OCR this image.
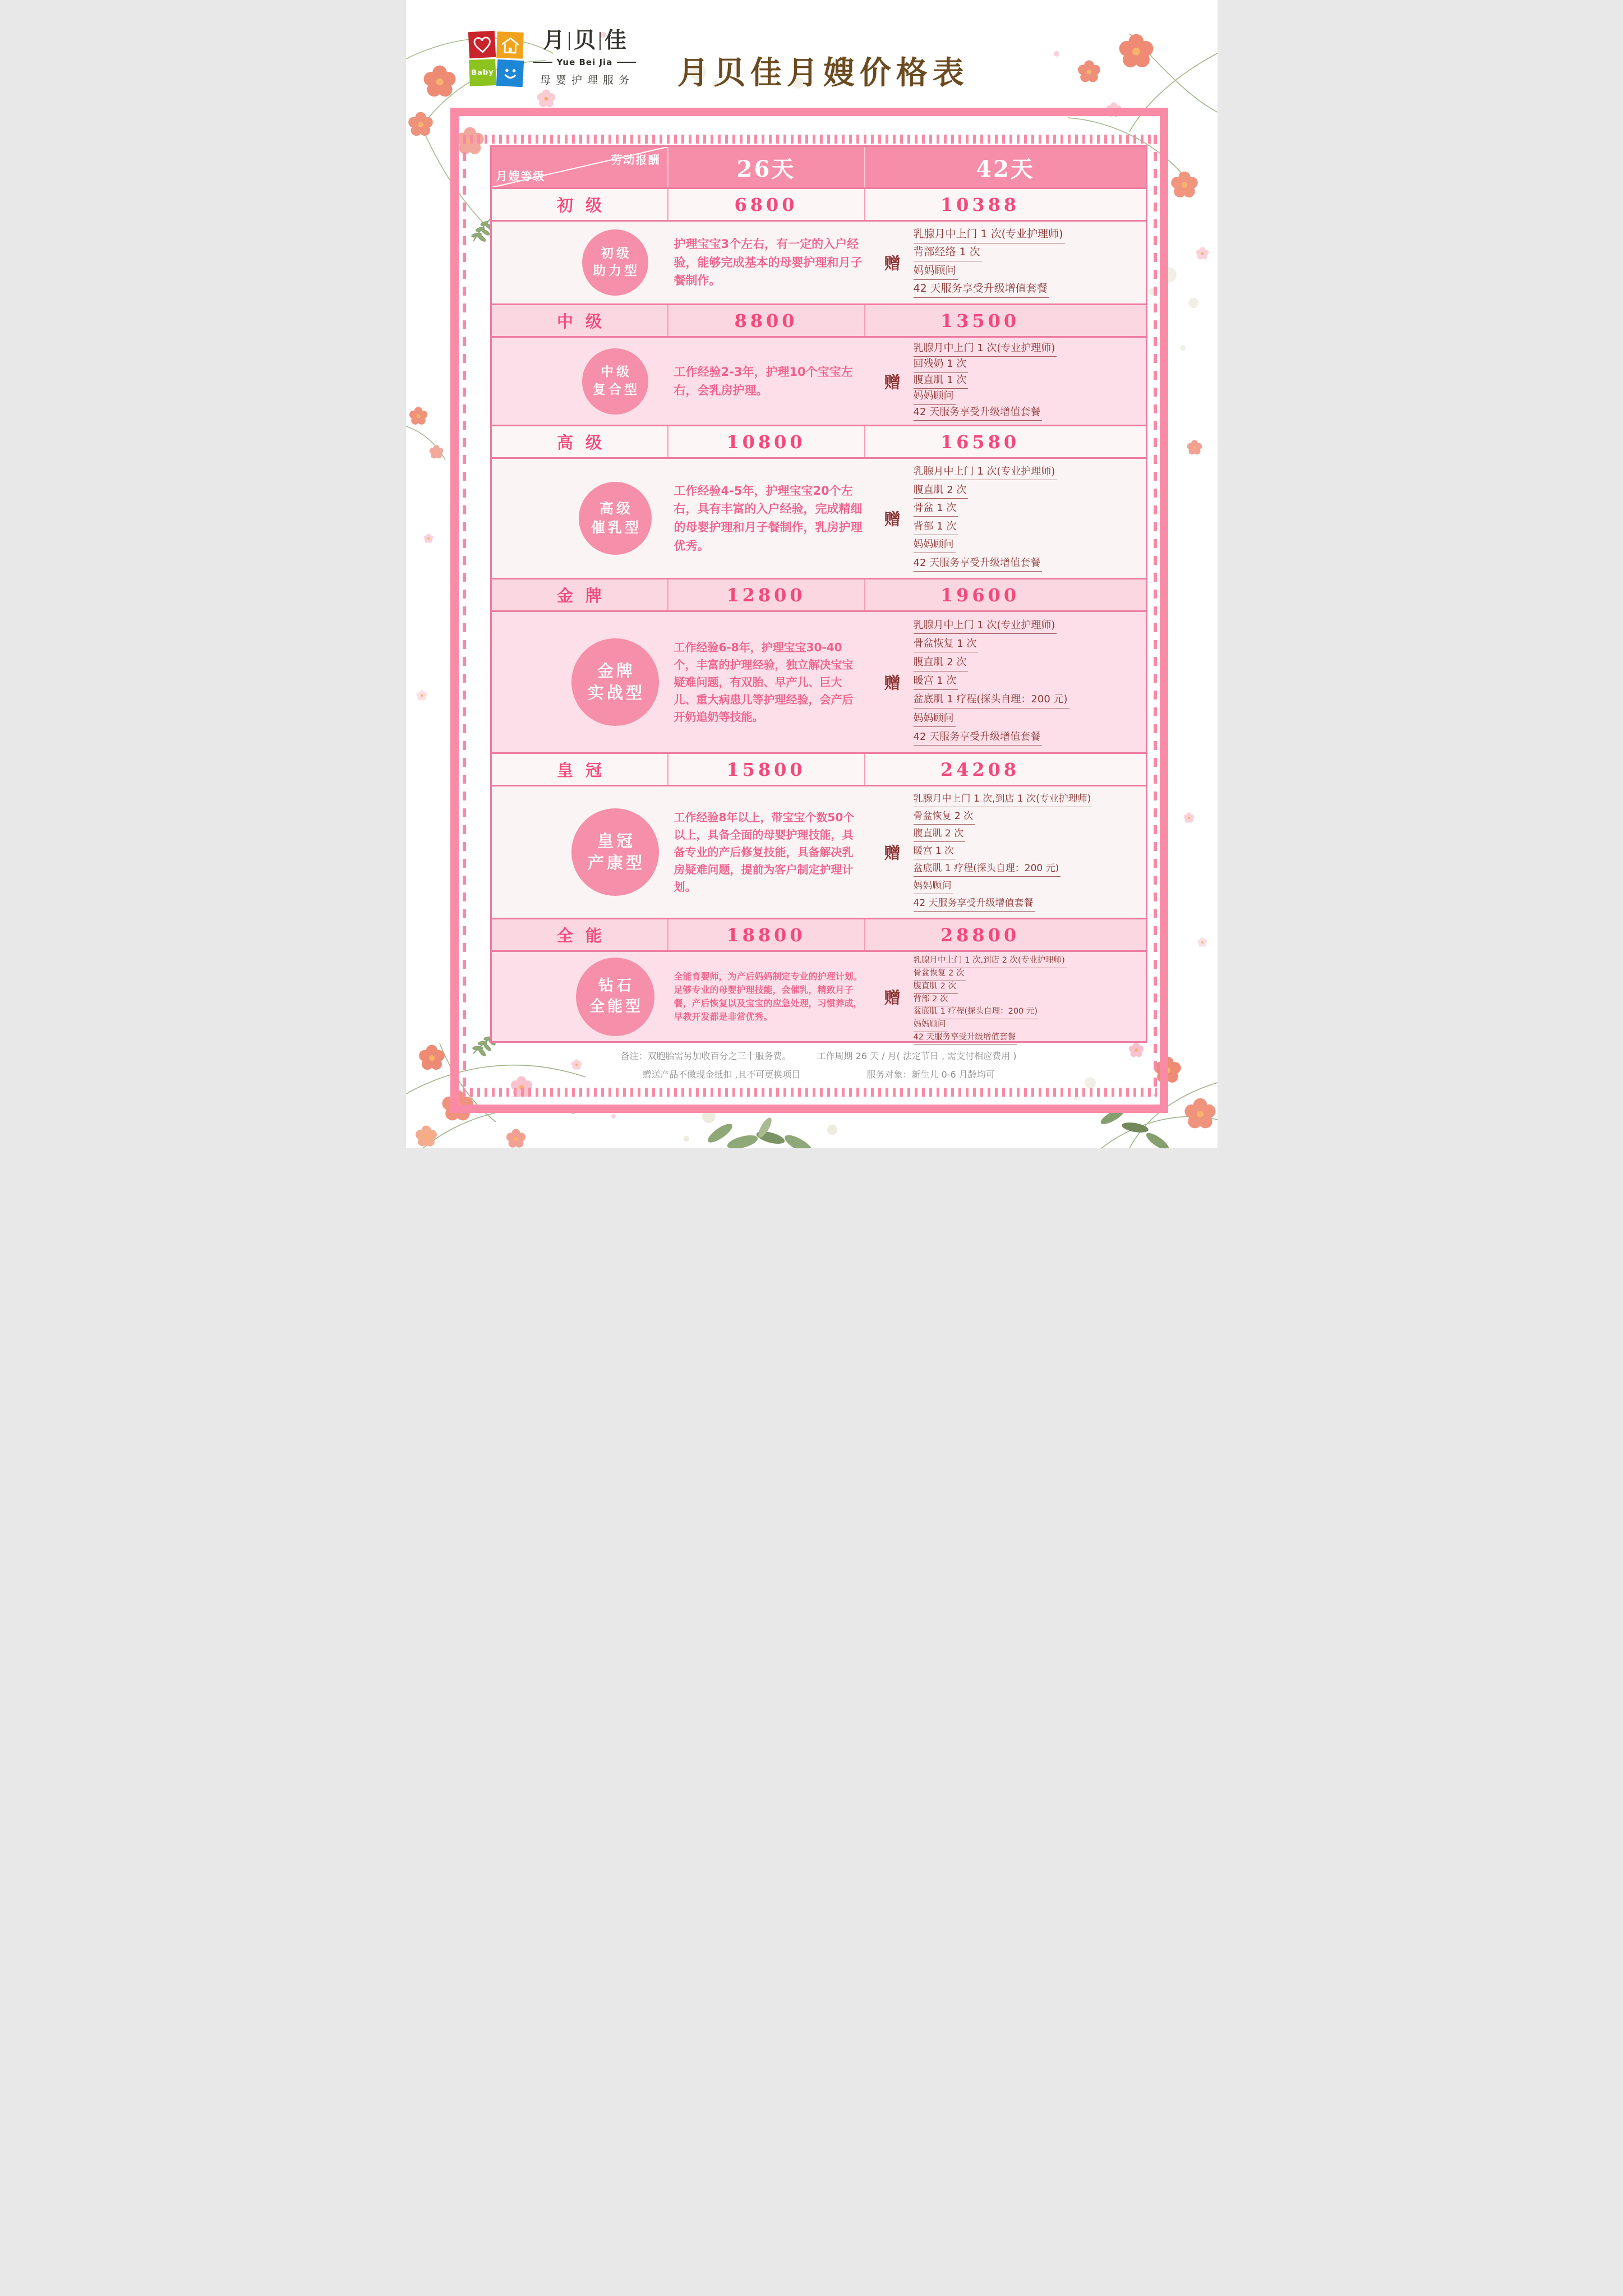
Baby
月 贝 佳
Yue Bei Jia
母婴护理服务 月贝佳月嫂价格表
劳动报酬
月嫂等级	26天	42天
初级	6800	10388
初级
助力型
护理宝宝3个左右，有一定的入户经验，能够完成基本的母婴护理和月子餐制作。
赠
乳腺月中上门 1 次(专业护理师)
背部经络 1 次
妈妈顾问
42 天服务享受升级增值套餐
中级	8800	13500
中级
复合型
工作经验2-3年，护理10个宝宝左右，会乳房护理。	赠
乳腺月中上门 1 次(专业护理师)
回残奶 1 次
腹直肌 1 次
妈妈顾问
42 天服务享受升级增值套餐
高级	10800	16580
高级
催乳型
工作经验4-5年，护理宝宝20个左右，具有丰富的入户经验，完成精细的母婴护理和月子餐制作，乳房护理优秀。
赠
乳腺月中上门 1 次(专业护理师)
腹直肌 2 次
骨盆 1 次
背部 1 次
妈妈顾问
42 天服务享受升级增值套餐
金牌	12800	19600
金牌
实战型
工作经验6-8年，护理宝宝30-40个，丰富的护理经验，独立解决宝宝疑难问题，有双胎、早产儿、巨大儿、重大病患儿等护理经验，会产后开奶追奶等技能。
赠
乳腺月中上门 1 次(专业护理师)
骨盆恢复 1 次
腹直肌 2 次
暖宫 1 次
盆底肌 1 疗程(探头自理：200 元)
妈妈顾问
42 天服务享受升级增值套餐
皇冠	15800	24208
皇冠
产康型
工作经验8年以上，带宝宝个数50个以上，具备全面的母婴护理技能，具备专业的产后修复技能，具备解决乳房疑难问题，提前为客户制定护理计划。
赠
乳腺月中上门 1 次,到店 1 次(专业护理师)
骨盆恢复 2 次
腹直肌 2 次
暖宫 1 次
盆底肌 1 疗程(探头自理：200 元)
妈妈顾问
42 天服务享受升级增值套餐
全能	18800	28800
钻石
全能型
全能育婴师，为产后妈妈制定专业的护理计划。足够专业的母婴护理技能，会催乳，精致月子餐，产后恢复以及宝宝的应急处理，习惯养成，早教开发都是非常优秀。
赠
乳腺月中上门 1 次,到店 2 次(专业护理师)
骨盆恢复 2 次
腹直肌 2 次
背部 2 次
盆底肌 1 疗程(探头自理：200 元)
妈妈顾问
42 天服务享受升级增值套餐
备注：双胞胎需另加收百分之三十服务费。	工作周期 26 天 / 月( 法定节日 , 需支付相应费用 )
赠送产品不做现金抵扣 ,且不可更换项目	服务对象：新生儿 0-6 月龄均可
